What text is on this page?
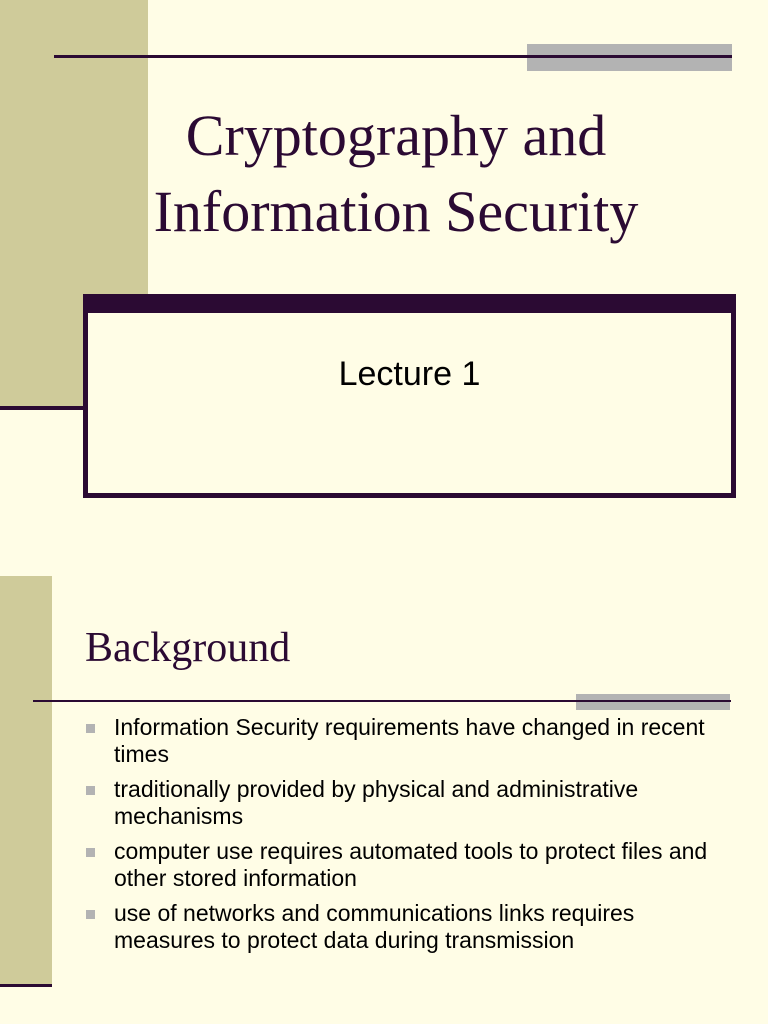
Cryptography and
Information Security
Lecture 1
Background
Information Security requirements have changed in recent times
traditionally provided by physical and administrative mechanisms
computer use requires automated tools to protect files and other stored information
use of networks and communications links requires measures to protect data during transmission
